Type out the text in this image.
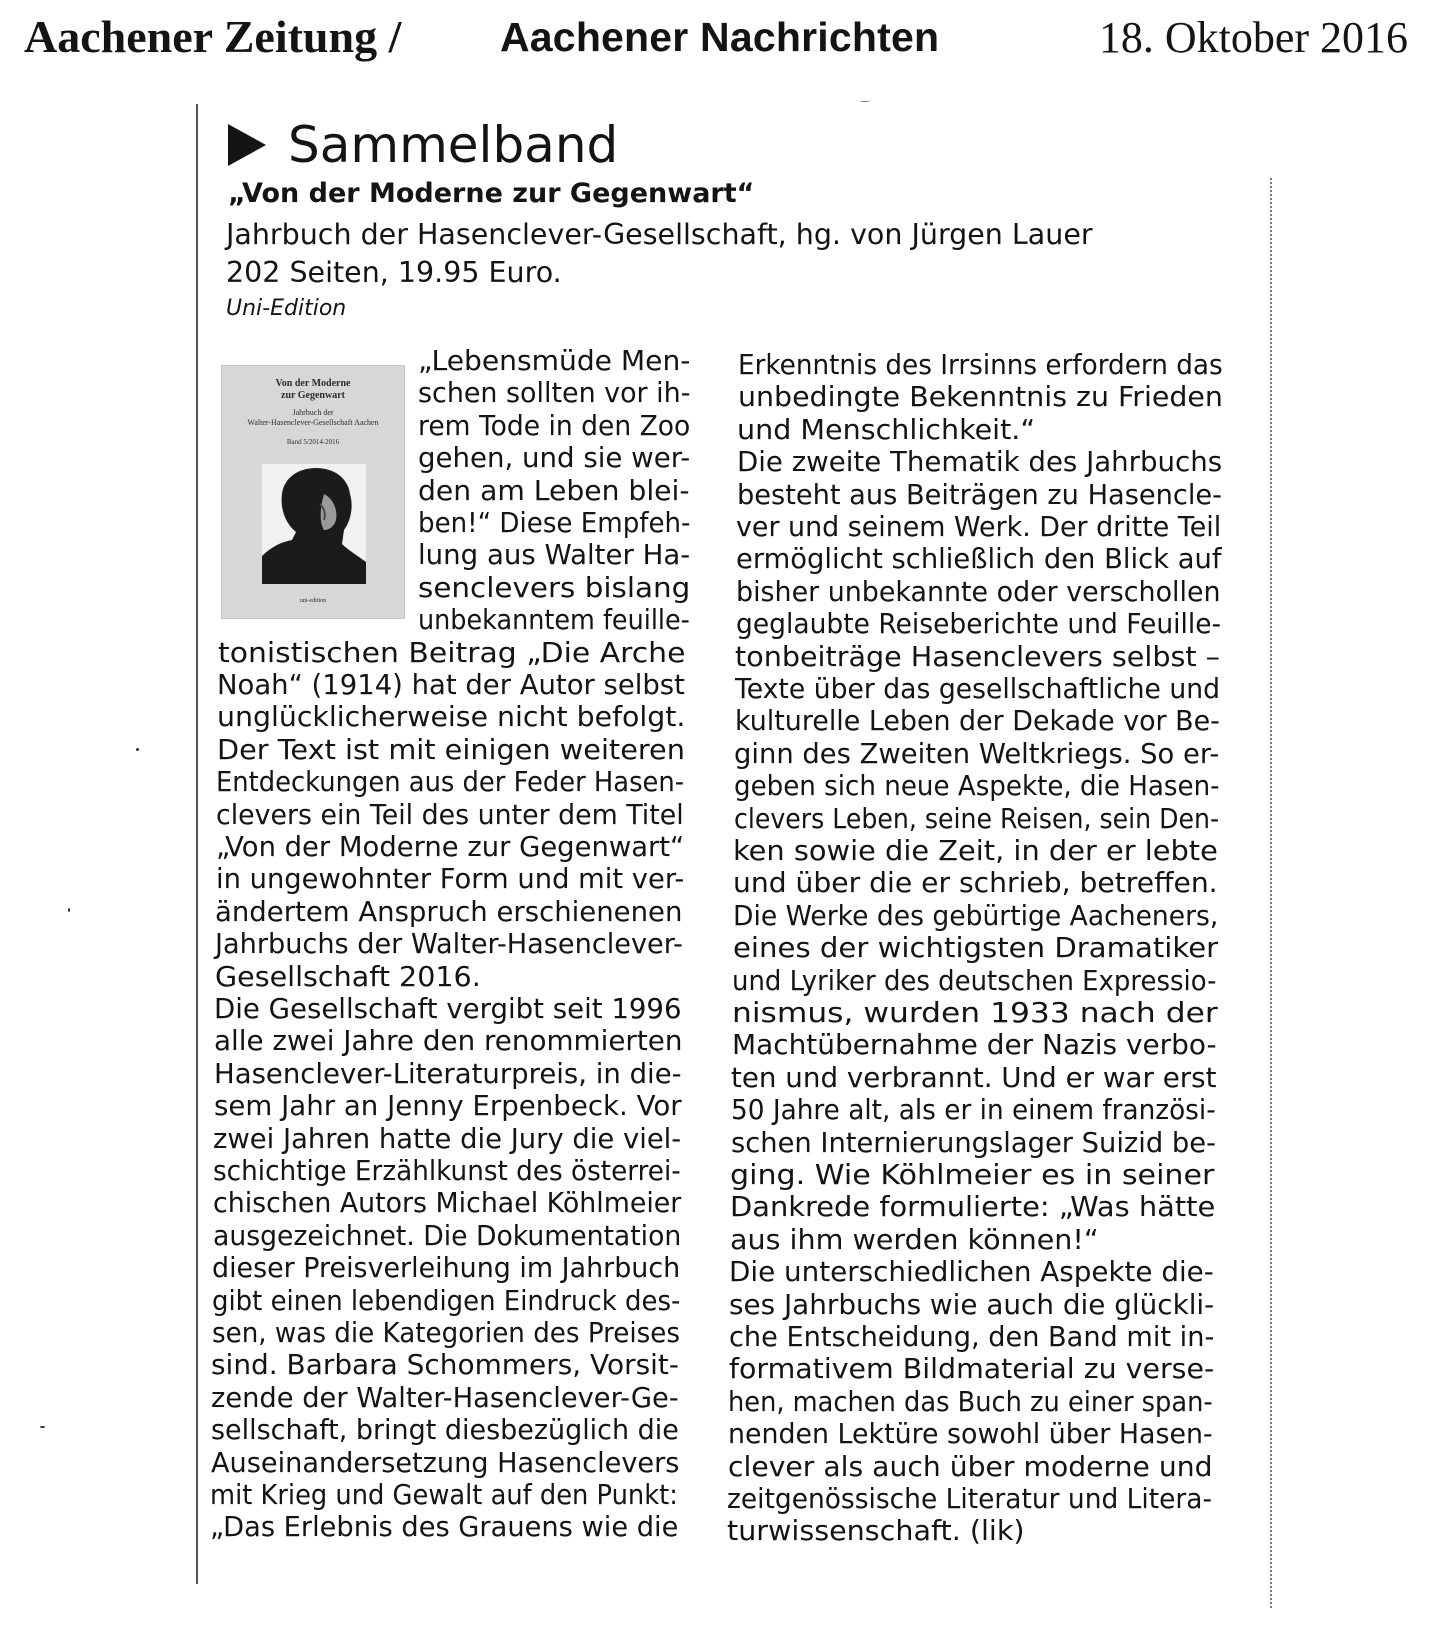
Aachener Zeitung / Aachener Nachrichten	18. Oktober 2016
Sammelband
„Von der Moderne zur Gegenwart“
Jahrbuch der Hasenclever-Gesellschaft, hg. von Jürgen Lauer
202 Seiten, 19.95 Euro.
Uni-Edition
Von der Moderne
zur Gegenwart
Jahrbuch der
Walter-Hasenclever-Gesellschaft Aachen
Band 5/2014-2016
uni-edition
„Lebensmüde Men-
schen sollten vor ih-
rem Tode in den Zoo
gehen, und sie wer-
den am Leben blei-
ben!“ Diese Empfeh-
lung aus Walter Ha-
senclevers bislang
unbekanntem feuille-
tonistischen Beitrag „Die Arche
Noah“ (1914) hat der Autor selbst
unglücklicherweise nicht befolgt.
Der Text ist mit einigen weiteren
Entdeckungen aus der Feder Hasen-
clevers ein Teil des unter dem Titel
„Von der Moderne zur Gegenwart“
in ungewohnter Form und mit ver-
ändertem Anspruch erschienenen
Jahrbuchs der Walter-Hasenclever-
Gesellschaft 2016.
Die Gesellschaft vergibt seit 1996
alle zwei Jahre den renommierten
Hasenclever-Literaturpreis, in die-
sem Jahr an Jenny Erpenbeck. Vor
zwei Jahren hatte die Jury die viel-
schichtige Erzählkunst des österrei-
chischen Autors Michael Köhlmeier
ausgezeichnet. Die Dokumentation
dieser Preisverleihung im Jahrbuch
gibt einen lebendigen Eindruck des-
sen, was die Kategorien des Preises
sind. Barbara Schommers, Vorsit-
zende der Walter-Hasenclever-Ge-
sellschaft, bringt diesbezüglich die
Auseinandersetzung Hasenclevers
mit Krieg und Gewalt auf den Punkt:
„Das Erlebnis des Grauens wie die
Erkenntnis des Irrsinns erfordern das
unbedingte Bekenntnis zu Frieden
und Menschlichkeit.“
Die zweite Thematik des Jahrbuchs
besteht aus Beiträgen zu Hasencle-
ver und seinem Werk. Der dritte Teil
ermöglicht schließlich den Blick auf
bisher unbekannte oder verschollen
geglaubte Reiseberichte und Feuille-
tonbeiträge Hasenclevers selbst –
Texte über das gesellschaftliche und
kulturelle Leben der Dekade vor Be-
ginn des Zweiten Weltkriegs. So er-
geben sich neue Aspekte, die Hasen-
clevers Leben, seine Reisen, sein Den-
ken sowie die Zeit, in der er lebte
und über die er schrieb, betreffen.
Die Werke des gebürtige Aacheners,
eines der wichtigsten Dramatiker
und Lyriker des deutschen Expressio-
nismus, wurden 1933 nach der
Machtübernahme der Nazis verbo-
ten und verbrannt. Und er war erst
50 Jahre alt, als er in einem französi-
schen Internierungslager Suizid be-
ging. Wie Köhlmeier es in seiner
Dankrede formulierte: „Was hätte
aus ihm werden können!“
Die unterschiedlichen Aspekte die-
ses Jahrbuchs wie auch die glückli-
che Entscheidung, den Band mit in-
formativem Bildmaterial zu verse-
hen, machen das Buch zu einer span-
nenden Lektüre sowohl über Hasen-
clever als auch über moderne und
zeitgenössische Literatur und Litera-
turwissenschaft. (lik)
